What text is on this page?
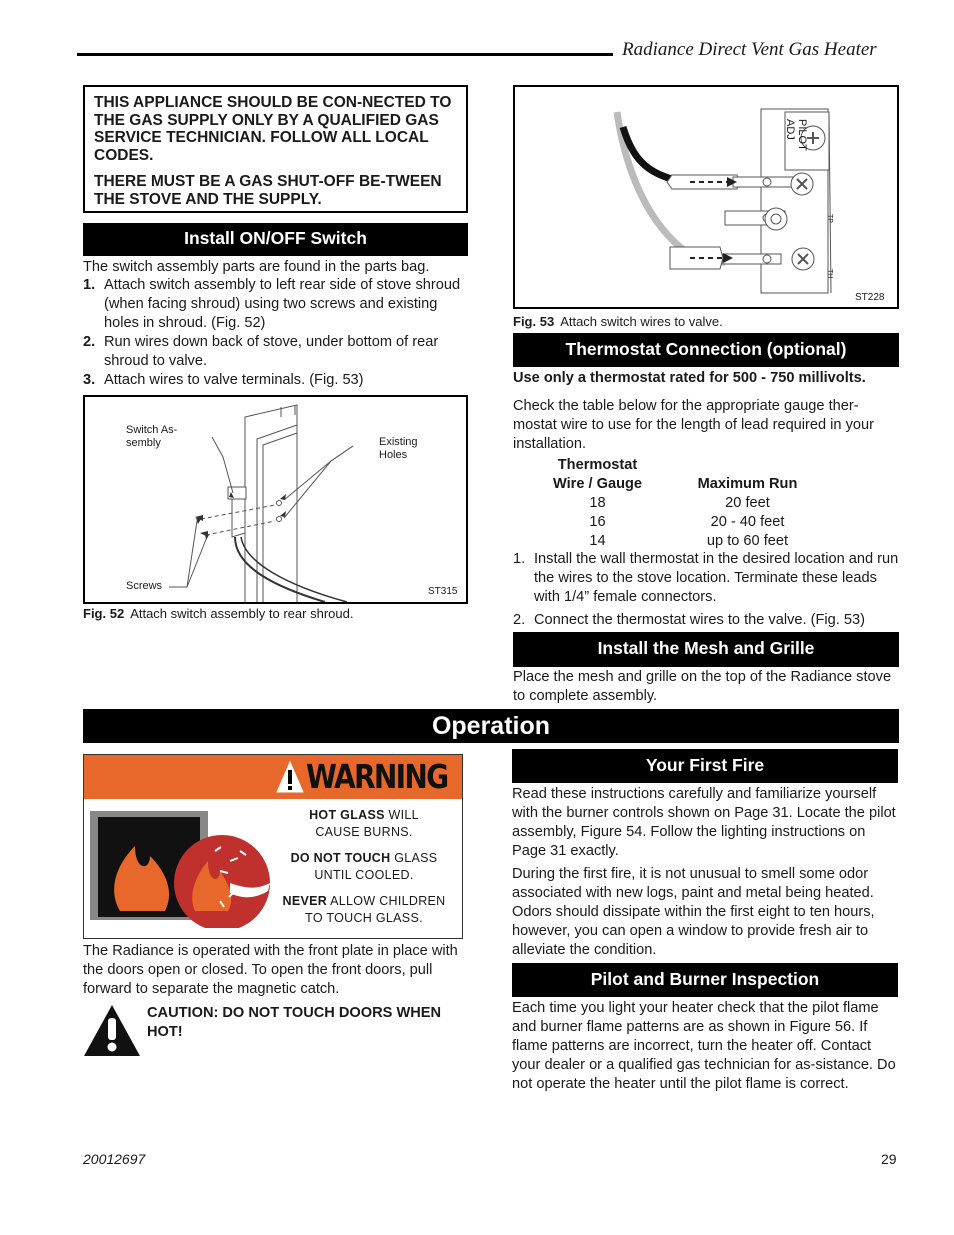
Radiance Direct Vent Gas Heater
THIS APPLIANCE SHOULD BE CON-NECTED TO THE GAS SUPPLY ONLY BY A QUALIFIED GAS SERVICE TECHNICIAN. FOLLOW ALL LOCAL CODES.
THERE MUST BE A GAS SHUT-OFF BE-TWEEN THE STOVE AND THE SUPPLY.
Install ON/OFF Switch
The switch assembly parts are found in the parts bag.
1. Attach switch assembly to left rear side of stove shroud (when facing shroud) using two screws and existing holes in shroud. (Fig. 52)
2. Run wires down back of stove, under bottom of rear shroud to valve.
3. Attach wires to valve terminals. (Fig. 53)
Switch As-
sembly	Existing
Holes
Screws	ST315
Fig. 52 Attach switch assembly to rear shroud.
PILOT
ADJ
TP
TH
ST228
Fig. 53 Attach switch wires to valve.
Thermostat Connection (optional)
Use only a thermostat rated for 500 - 750 millivolts.
Check the table below for the appropriate gauge ther-mostat wire to use for the length of lead required in your installation.
Thermostat
Wire / Gauge	Maximum Run
18	20 feet
16	20 - 40 feet
14	up to 60 feet
1. Install the wall thermostat in the desired location and run the wires to the stove location. Terminate these leads with 1/4” female connectors.
2. Connect the thermostat wires to the valve. (Fig. 53)
Install the Mesh and Grille
Place the mesh and grille on the top of the Radiance stove to complete assembly.
Operation
WARNING
HOT GLASS WILL
CAUSE BURNS.
DO NOT TOUCH GLASS
UNTIL COOLED.
NEVER ALLOW CHILDREN
TO TOUCH GLASS.
The Radiance is operated with the front plate in place with the doors open or closed. To open the front doors, pull forward to separate the magnetic catch.
CAUTION: DO NOT TOUCH DOORS WHEN HOT!
Your First Fire
Read these instructions carefully and familiarize yourself with the burner controls shown on Page 31. Locate the pilot assembly, Figure 54. Follow the lighting instructions on Page 31 exactly.
During the first fire, it is not unusual to smell some odor associated with new logs, paint and metal being heated. Odors should dissipate within the first eight to ten hours, however, you can open a window to provide fresh air to alleviate the condition.
Pilot and Burner Inspection
Each time you light your heater check that the pilot flame and burner flame patterns are as shown in Figure 56. If flame patterns are incorrect, turn the heater off. Contact your dealer or a qualified gas technician for as-sistance. Do not operate the heater until the pilot flame is correct.
20012697	29
